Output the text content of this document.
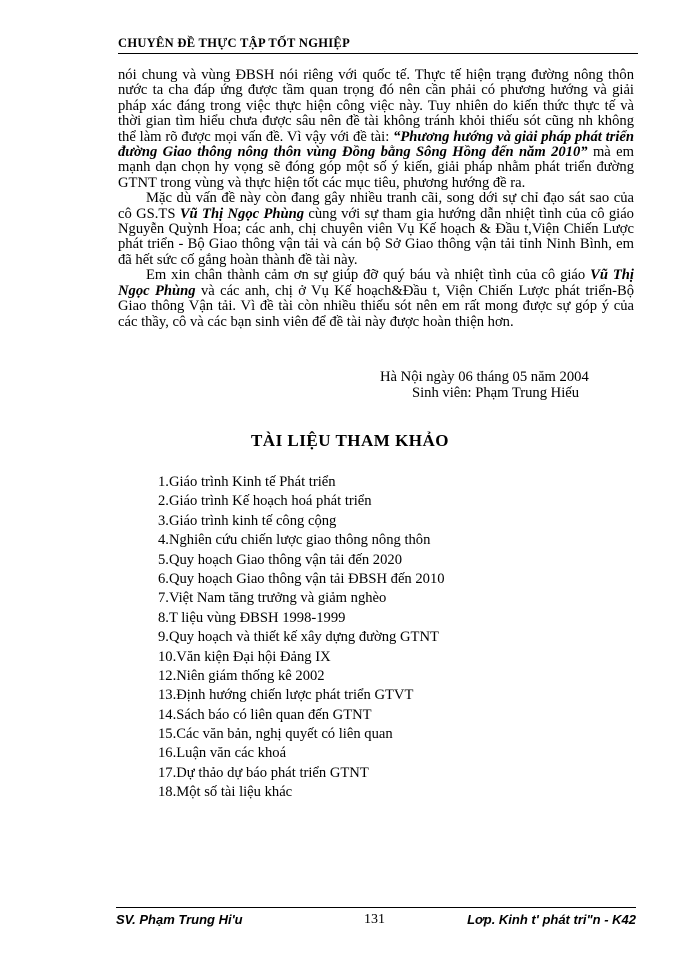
CHUYÊN ĐỀ THỰC TẬP TỐT NGHIỆP

nói chung và vùng ĐBSH nói riêng với quốc tế. Thực tế hiện trạng đường nông thôn nước ta cha đáp ứng được tầm quan trọng đó nên cần phải có phương hướng và giải pháp xác đáng trong việc thực hiện công việc này. Tuy nhiên do kiến thức thực tế và thời gian tìm hiểu chưa được sâu nên đề tài không tránh khỏi thiếu sót cũng nh không thể làm rõ được mọi vấn đề. Vì vậy với đề tài: “Phương hướng và giải pháp phát triển đường Giao thông nông thôn vùng Đồng bằng Sông Hồng đến năm 2010” mà em mạnh dạn chọn hy vọng sẽ đóng góp một số ý kiến, giải pháp nhằm phát triển đường GTNT trong vùng và thực hiện tốt các mục tiêu, phương hướng đề ra.

Mặc dù vấn đề này còn đang gây nhiều tranh cãi, song dới sự chỉ đạo sát sao của cô GS.TS Vũ Thị Ngọc Phùng cùng với sự tham gia hướng dẫn nhiệt tình của cô giáo Nguyễn Quỳnh Hoa; các anh, chị chuyên viên Vụ Kế hoạch & Đầu t,Viện Chiến Lược phát triển - Bộ Giao thông vận tải và cán bộ Sở Giao thông vận tải tỉnh Ninh Bình, em đã hết sức cố gắng hoàn thành đề tài này.

Em xin chân thành cảm ơn sự giúp đỡ quý báu và nhiệt tình của cô giáo Vũ Thị Ngọc Phùng và các anh, chị ở Vụ Kế hoạch&Đầu t, Viện Chiến Lược phát triển-Bộ Giao thông Vận tải. Vì đề tài còn nhiều thiếu sót nên em rất mong được sự góp ý của các thầy, cô và các bạn sinh viên để đề tài này được hoàn thiện hơn.

Hà Nội ngày 06 tháng 05 năm 2004
Sinh viên: Phạm Trung Hiếu
TÀI LIỆU THAM KHẢO
1.Giáo trình Kinh tế Phát triển
2.Giáo trình Kế hoạch hoá phát triển
3.Giáo trình kinh tế công cộng
4.Nghiên cứu chiến lược giao thông nông thôn
5.Quy hoạch Giao thông vận tải đến 2020
6.Quy hoạch Giao thông vận tải ĐBSH đến 2010
7.Việt Nam tăng trưởng và giảm nghèo
8.T liệu vùng ĐBSH 1998-1999
9.Quy hoạch và thiết kế xây dựng đường GTNT
10.Văn kiện Đại hội Đảng IX
12.Niên giám thống kê 2002
13.Định hướng chiến lược phát triển GTVT
14.Sách báo có liên quan đến GTNT
15.Các văn bản, nghị quyết có liên quan
16.Luận văn các khoá
17.Dự thảo dự báo phát triển GTNT
18.Một số tài liệu khác
SV. Phạm Trung Hi'u	131	Lơp. Kinh t' phát tri"n - K42
